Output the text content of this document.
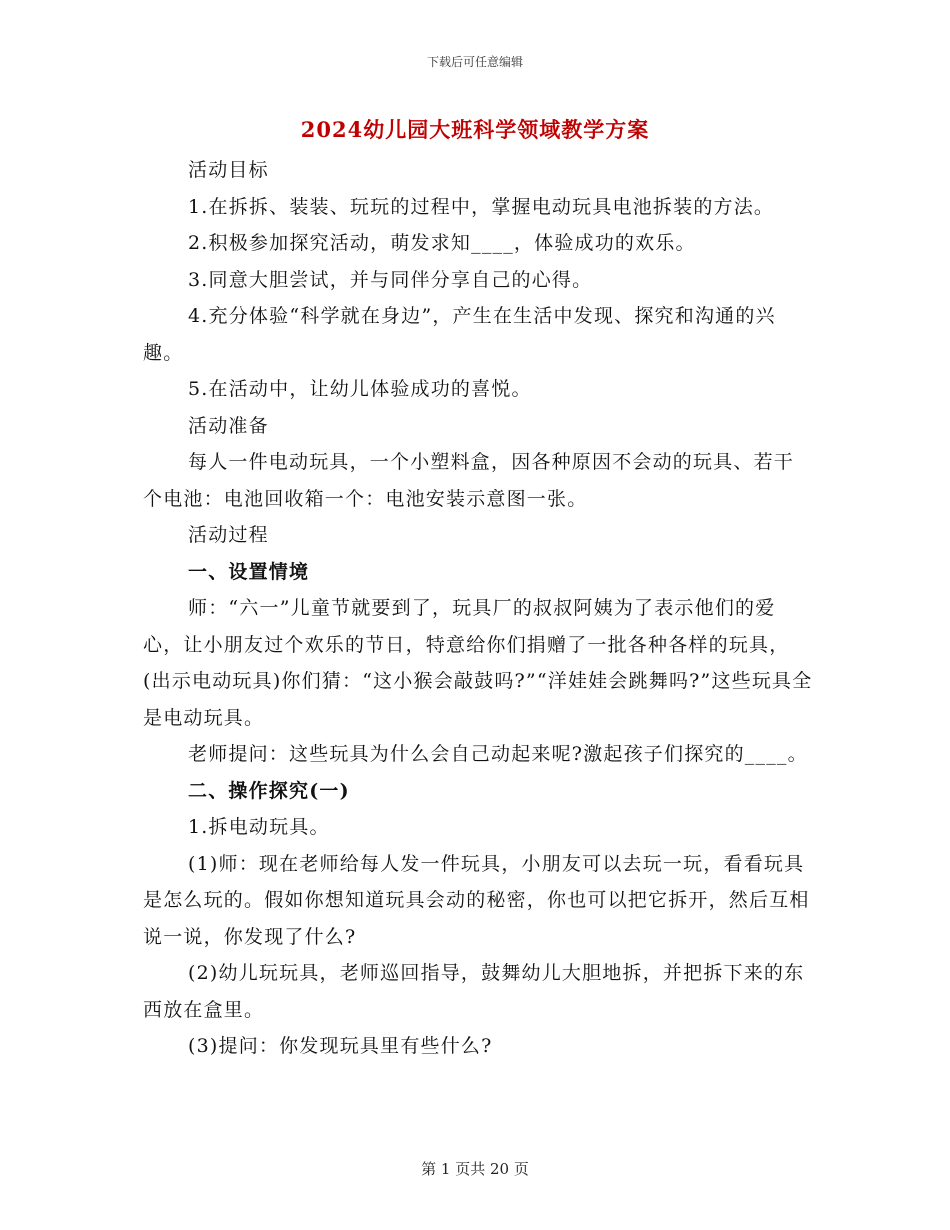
下载后可任意编辑
2024幼儿园大班科学领域教学方案

活动目标

1.在拆拆、装装、玩玩的过程中，掌握电动玩具电池拆装的方法。

2.积极参加探究活动，萌发求知____，体验成功的欢乐。

3.同意大胆尝试，并与同伴分享自己的心得。

4.充分体验“科学就在身边”，产生在生活中发现、探究和沟通的兴趣。

5.在活动中，让幼儿体验成功的喜悦。

活动准备

每人一件电动玩具，一个小塑料盒，因各种原因不会动的玩具、若干个电池：电池回收箱一个：电池安装示意图一张。

活动过程

一、设置情境

师：“六一”儿童节就要到了，玩具厂的叔叔阿姨为了表示他们的爱心，让小朋友过个欢乐的节日，特意给你们捐赠了一批各种各样的玩具，(出示电动玩具)你们猜：“这小猴会敲鼓吗?”“洋娃娃会跳舞吗?”这些玩具全是电动玩具。

老师提问：这些玩具为什么会自己动起来呢?激起孩子们探究的____。

二、操作探究(一)

1.拆电动玩具。

(1)师：现在老师给每人发一件玩具，小朋友可以去玩一玩，看看玩具是怎么玩的。假如你想知道玩具会动的秘密，你也可以把它拆开，然后互相说一说，你发现了什么?

(2)幼儿玩玩具，老师巡回指导，鼓舞幼儿大胆地拆，并把拆下来的东西放在盒里。

(3)提问：你发现玩具里有些什么?

第 1 页共 20 页
